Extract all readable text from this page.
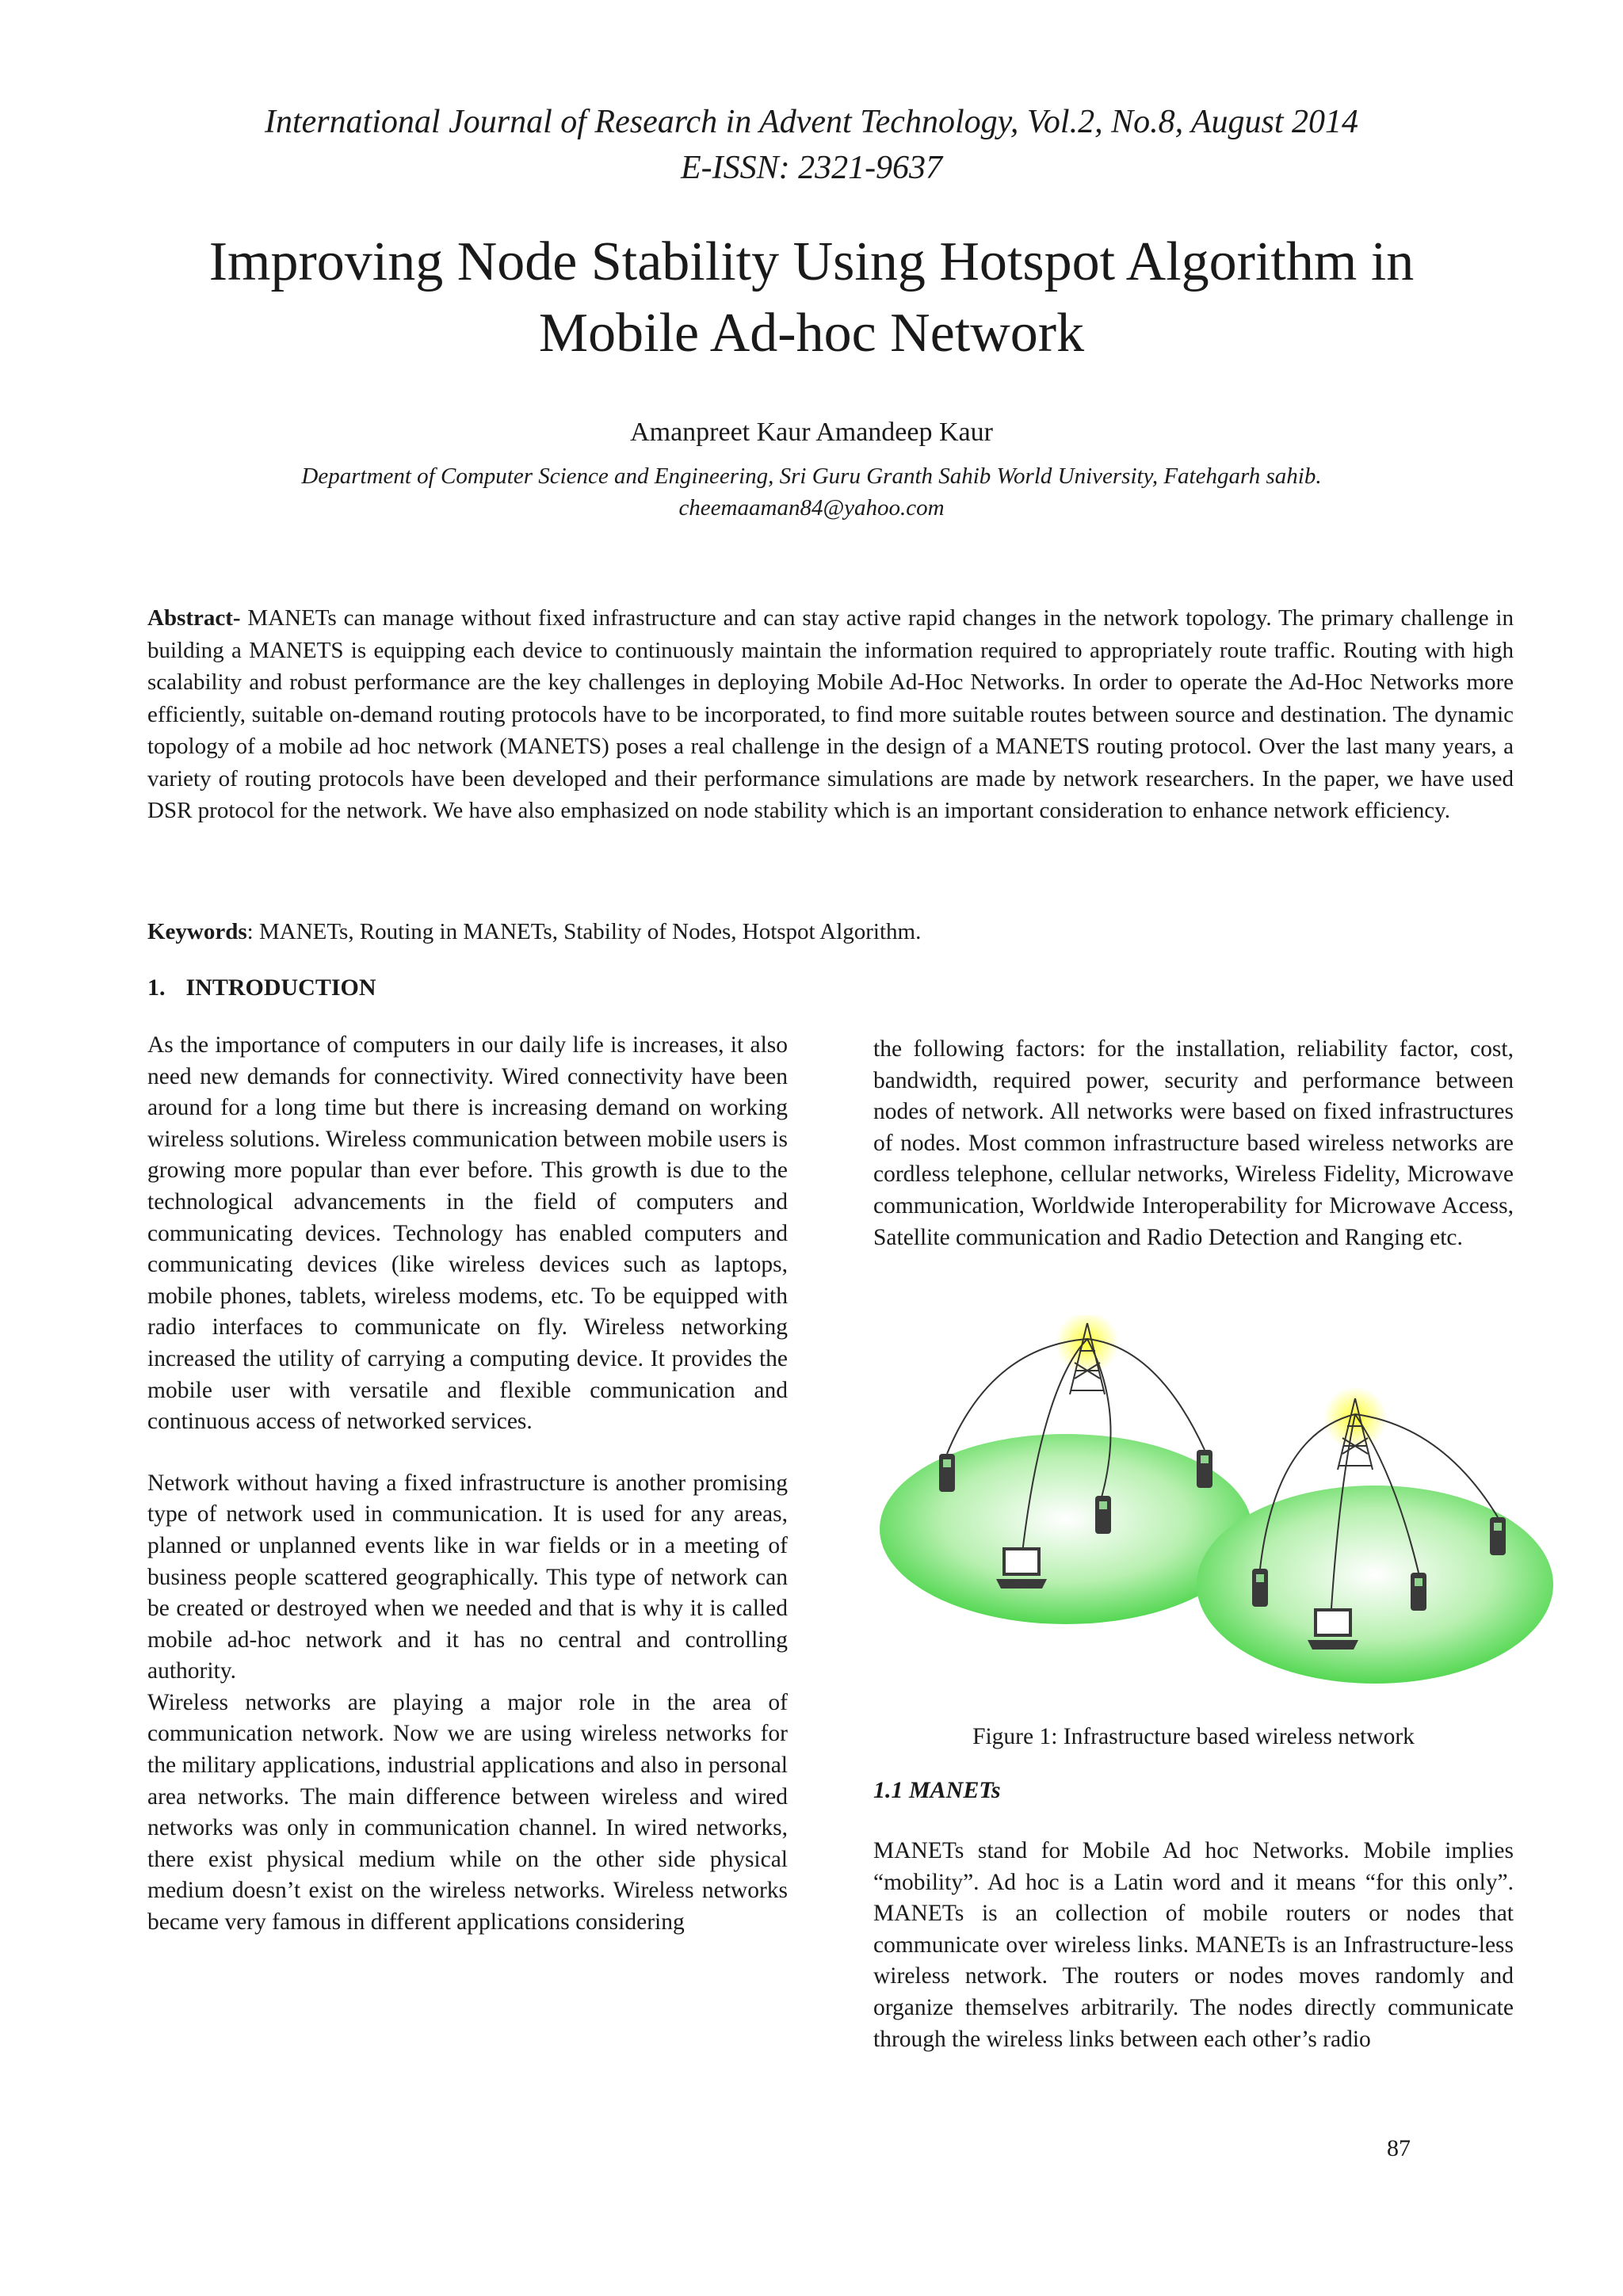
International Journal of Research in Advent Technology, Vol.2, No.8, August 2014
E-ISSN: 2321-9637
Improving Node Stability Using Hotspot Algorithm in
Mobile Ad-hoc Network
Amanpreet Kaur Amandeep Kaur
Department of Computer Science and Engineering, Sri Guru Granth Sahib World University, Fatehgarh sahib.
cheemaaman84@yahoo.com
Abstract- MANETs can manage without fixed infrastructure and can stay active rapid changes in the network topology. The primary challenge in building a MANETS is equipping each device to continuously maintain the information required to appropriately route traffic. Routing with high scalability and robust performance are the key challenges in deploying Mobile Ad-Hoc Networks. In order to operate the Ad-Hoc Networks more efficiently, suitable on-demand routing protocols have to be incorporated, to find more suitable routes between source and destination. The dynamic topology of a mobile ad hoc network (MANETS) poses a real challenge in the design of a MANETS routing protocol. Over the last many years, a variety of routing protocols have been developed and their performance simulations are made by network researchers. In the paper, we have used DSR protocol for the network. We have also emphasized on node stability which is an important consideration to enhance network efficiency.
Keywords: MANETs, Routing in MANETs, Stability of Nodes, Hotspot Algorithm.
1. INTRODUCTION

As the importance of computers in our daily life is increases, it also need new demands for connectivity. Wired connectivity have been around for a long time but there is increasing demand on working wireless solutions. Wireless communication between mobile users is growing more popular than ever before. This growth is due to the technological advancements in the field of computers and communicating devices. Technology has enabled computers and communicating devices (like wireless devices such as laptops, mobile phones, tablets, wireless modems, etc. To be equipped with radio interfaces to communicate on fly. Wireless networking increased the utility of carrying a computing device. It provides the mobile user with versatile and flexible communication and continuous access of networked services.

Network without having a fixed infrastructure is another promising type of network used in communication. It is used for any areas, planned or unplanned events like in war fields or in a meeting of business people scattered geographically. This type of network can be created or destroyed when we needed and that is why it is called mobile ad-hoc network and it has no central and controlling authority.

Wireless networks are playing a major role in the area of communication network. Now we are using wireless networks for the military applications, industrial applications and also in personal area networks. The main difference between wireless and wired networks was only in communication channel. In wired networks, there exist physical medium while on the other side physical medium doesn’t exist on the wireless networks. Wireless networks became very famous in different applications considering

the following factors: for the installation, reliability factor, cost, bandwidth, required power, security and performance between nodes of network. All networks were based on fixed infrastructures of nodes. Most common infrastructure based wireless networks are cordless telephone, cellular networks, Wireless Fidelity, Microwave communication, Worldwide Interoperability for Microwave Access, Satellite communication and Radio Detection and Ranging etc.

Figure 1: Infrastructure based wireless network
1.1 MANETs

MANETs stand for Mobile Ad hoc Networks. Mobile implies “mobility”. Ad hoc is a Latin word and it means “for this only”. MANETs is an collection of mobile routers or nodes that communicate over wireless links. MANETs is an Infrastructure-less wireless network. The routers or nodes moves randomly and organize themselves arbitrarily. The nodes directly communicate through the wireless links between each other’s radio

87
